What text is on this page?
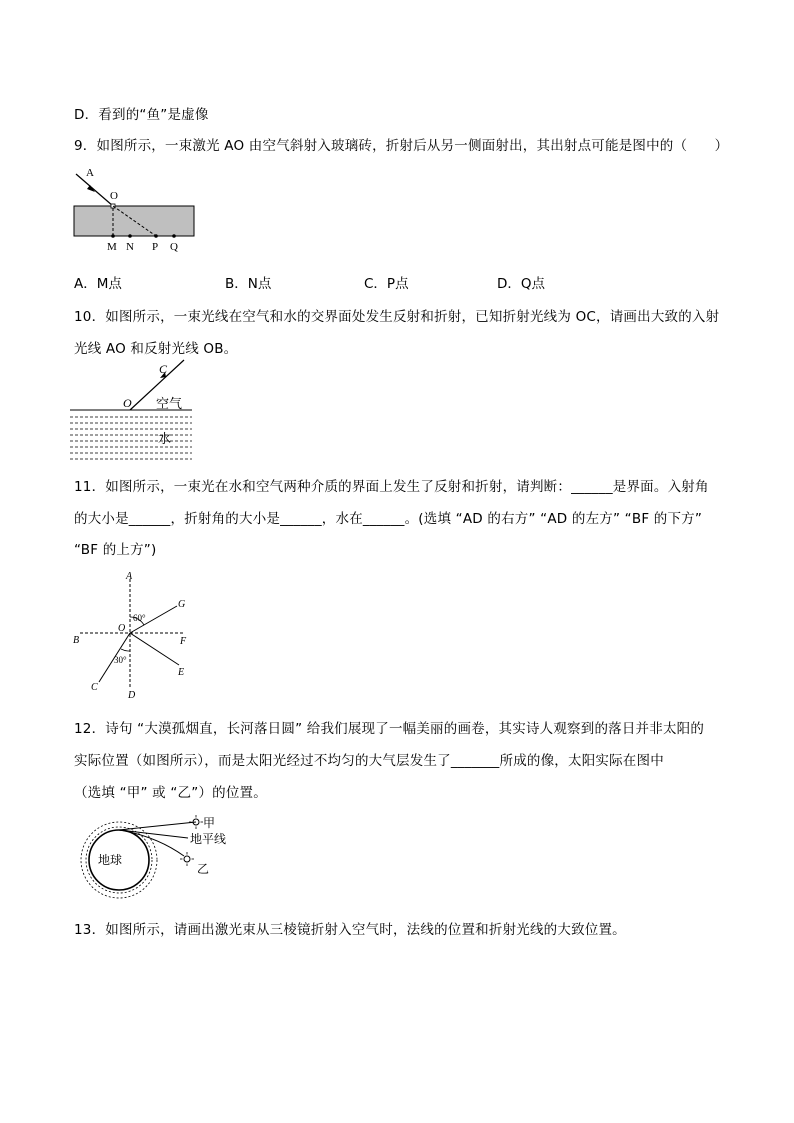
D．看到的“鱼”是虚像
9．如图所示，一束激光 AO 由空气斜射入玻璃砖，折射后从另一侧面射出，其出射点可能是图中的（　　）
A
O
M N P Q
A．M点	B．N点	C．P点	D．Q点
10．如图所示，一束光线在空气和水的交界面处发生反射和折射，已知折射光线为 OC，请画出大致的入射
光线 AO 和反射光线 OB。
C
O 空气
水
11．如图所示，一束光在水和空气两种介质的界面上发生了反射和折射，请判断：______是界面。入射角
的大小是______，折射角的大小是______，水在______。(选填 “AD 的右方” “AD 的左方” “BF 的下方”
“BF 的上方”)
A
G
O
B	F
E
C
D
60°
30°
12．诗句 “大漠孤烟直，长河落日圆” 给我们展现了一幅美丽的画卷，其实诗人观察到的落日并非太阳的
实际位置（如图所示），而是太阳光经过不均匀的大气层发生了_______所成的像，太阳实际在图中
（选填 “甲” 或 “乙”）的位置。
地球
甲
地平线
乙
13．如图所示，请画出激光束从三棱镜折射入空气时，法线的位置和折射光线的大致位置。
